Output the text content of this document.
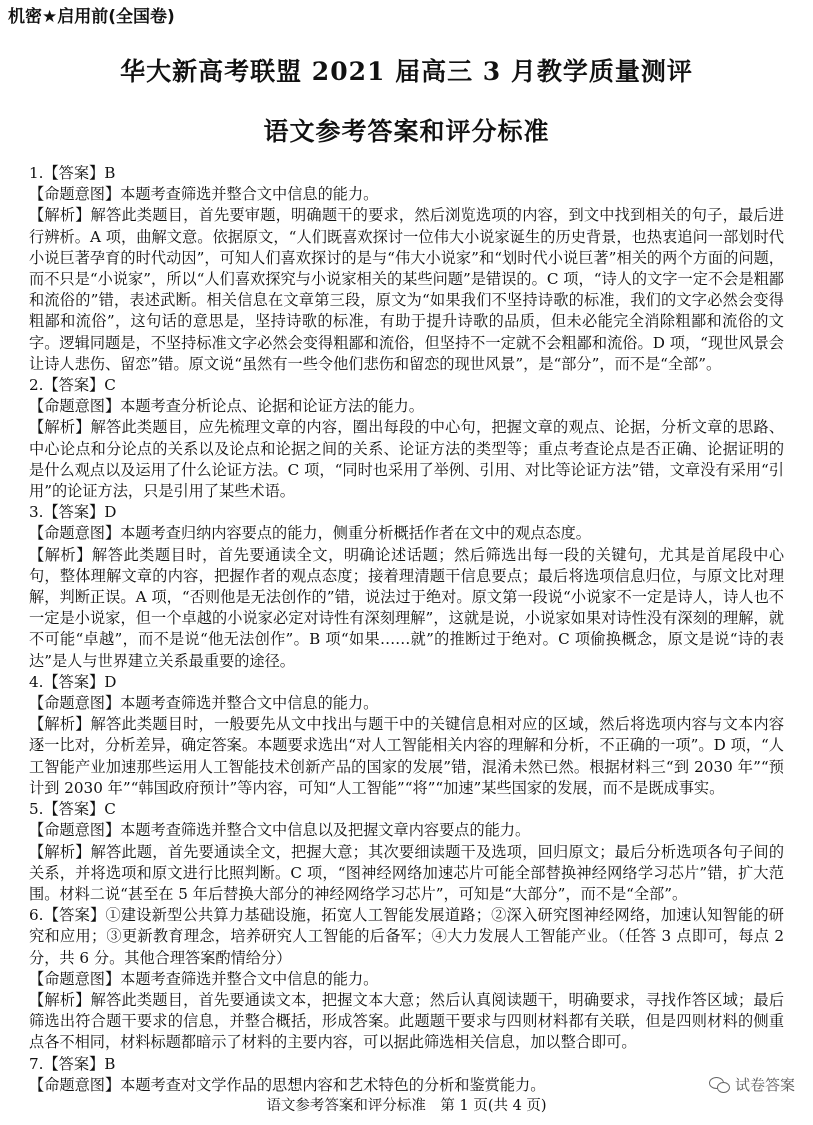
机密★启用前(全国卷)
华大新高考联盟 2021 届高三 3 月教学质量测评
语文参考答案和评分标准

1.【答案】B

【命题意图】本题考查筛选并整合文中信息的能力。

【解析】解答此类题目，首先要审题，明确题干的要求，然后浏览选项的内容，到文中找到相关的句子，最后进行辨析。A 项，曲解文意。依据原文，“人们既喜欢探讨一位伟大小说家诞生的历史背景，也热衷追问一部划时代小说巨著孕育的时代动因”，可知人们喜欢探讨的是与“伟大小说家”和“划时代小说巨著”相关的两个方面的问题，而不只是“小说家”，所以“人们喜欢探究与小说家相关的某些问题”是错误的。C 项，“诗人的文字一定不会是粗鄙和流俗的”错，表述武断。相关信息在文章第三段，原文为“如果我们不坚持诗歌的标准，我们的文字必然会变得粗鄙和流俗”，这句话的意思是，坚持诗歌的标准，有助于提升诗歌的品质，但未必能完全消除粗鄙和流俗的文字。逻辑同题是，不坚持标准文字必然会变得粗鄙和流俗，但坚持不一定就不会粗鄙和流俗。D 项，“现世风景会让诗人悲伤、留恋”错。原文说“虽然有一些令他们悲伤和留恋的现世风景”，是“部分”，而不是“全部”。

2.【答案】C

【命题意图】本题考查分析论点、论据和论证方法的能力。

【解析】解答此类题目，应先梳理文章的内容，圈出每段的中心句，把握文章的观点、论据，分析文章的思路、中心论点和分论点的关系以及论点和论据之间的关系、论证方法的类型等；重点考查论点是否正确、论据证明的是什么观点以及运用了什么论证方法。C 项，“同时也采用了举例、引用、对比等论证方法”错，文章没有采用“引用”的论证方法，只是引用了某些术语。

3.【答案】D

【命题意图】本题考查归纳内容要点的能力，侧重分析概括作者在文中的观点态度。

【解析】解答此类题目时，首先要通读全文，明确论述话题；然后筛选出每一段的关键句，尤其是首尾段中心句，整体理解文章的内容，把握作者的观点态度；接着理清题干信息要点；最后将选项信息归位，与原文比对理解，判断正误。A 项，“否则他是无法创作的”错，说法过于绝对。原文第一段说“小说家不一定是诗人，诗人也不一定是小说家，但一个卓越的小说家必定对诗性有深刻理解”，这就是说，小说家如果对诗性没有深刻的理解，就不可能“卓越”，而不是说“他无法创作”。B 项“如果……就”的推断过于绝对。C 项偷换概念，原文是说“诗的表达”是人与世界建立关系最重要的途径。

4.【答案】D

【命题意图】本题考查筛选并整合文中信息的能力。

【解析】解答此类题目时，一般要先从文中找出与题干中的关键信息相对应的区域，然后将选项内容与文本内容逐一比对，分析差异，确定答案。本题要求选出“对人工智能相关内容的理解和分析，不正确的一项”。D 项，“人工智能产业加速那些运用人工智能技术创新产品的国家的发展”错，混淆未然已然。根据材料三“到 2030 年”“预计到 2030 年”“韩国政府预计”等内容，可知“人工智能”“将”“加速”某些国家的发展，而不是既成事实。

5.【答案】C

【命题意图】本题考查筛选并整合文中信息以及把握文章内容要点的能力。

【解析】解答此题，首先要通读全文，把握大意；其次要细读题干及选项，回归原文；最后分析选项各句子间的关系，并将选项和原文进行比照判断。C 项，“图神经网络加速芯片可能全部替换神经网络学习芯片”错，扩大范围。材料二说“甚至在 5 年后替换大部分的神经网络学习芯片”，可知是“大部分”，而不是“全部”。

6.【答案】①建设新型公共算力基础设施，拓宽人工智能发展道路；②深入研究图神经网络，加速认知智能的研究和应用；③更新教育理念，培养研究人工智能的后备军；④大力发展人工智能产业。（任答 3 点即可，每点 2 分，共 6 分。其他合理答案酌情给分）

【命题意图】本题考查筛选并整合文中信息的能力。

【解析】解答此类题目，首先要通读文本，把握文本大意；然后认真阅读题干，明确要求，寻找作答区域；最后筛选出符合题干要求的信息，并整合概括，形成答案。此题题干要求与四则材料都有关联，但是四则材料的侧重点各不相同，材料标题都暗示了材料的主要内容，可以据此筛选相关信息，加以整合即可。

7.【答案】B

【命题意图】本题考查对文学作品的思想内容和艺术特色的分析和鉴赏能力。	试卷答案
语文参考答案和评分标准　第 1 页(共 4 页)
